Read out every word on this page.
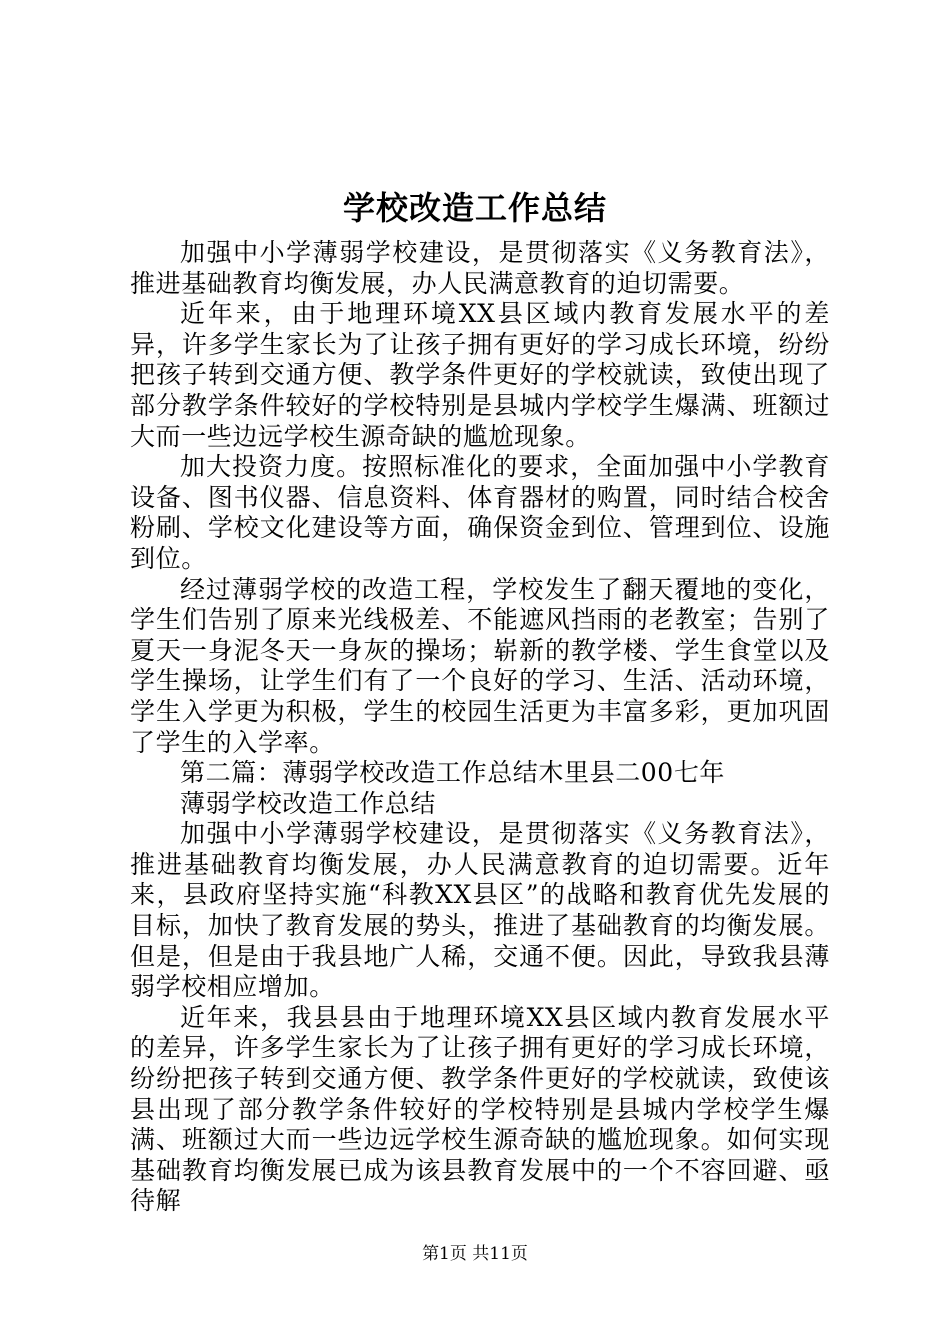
学校改造工作总结

加强中小学薄弱学校建设，是贯彻落实《义务教育法》，推进基础教育均衡发展，办人民满意教育的迫切需要。

近年来，由于地理环境XX县区域内教育发展水平的差异，许多学生家长为了让孩子拥有更好的学习成长环境，纷纷把孩子转到交通方便、教学条件更好的学校就读，致使出现了部分教学条件较好的学校特别是县城内学校学生爆满、班额过大而一些边远学校生源奇缺的尴尬现象。

加大投资力度。按照标准化的要求，全面加强中小学教育设备、图书仪器、信息资料、体育器材的购置，同时结合校舍粉刷、学校文化建设等方面，确保资金到位、管理到位、设施到位。

经过薄弱学校的改造工程，学校发生了翻天覆地的变化，学生们告别了原来光线极差、不能遮风挡雨的老教室；告别了夏天一身泥冬天一身灰的操场；崭新的教学楼、学生食堂以及学生操场，让学生们有了一个良好的学习、生活、活动环境，学生入学更为积极，学生的校园生活更为丰富多彩，更加巩固了学生的入学率。

第二篇：薄弱学校改造工作总结木里县二00七年

薄弱学校改造工作总结

加强中小学薄弱学校建设，是贯彻落实《义务教育法》，推进基础教育均衡发展，办人民满意教育的迫切需要。近年来，县政府坚持实施“科教XX县区”的战略和教育优先发展的目标，加快了教育发展的势头，推进了基础教育的均衡发展。但是，但是由于我县地广人稀，交通不便。因此，导致我县薄弱学校相应增加。

近年来，我县县由于地理环境XX县区域内教育发展水平的差异，许多学生家长为了让孩子拥有更好的学习成长环境，纷纷把孩子转到交通方便、教学条件更好的学校就读，致使该县出现了部分教学条件较好的学校特别是县城内学校学生爆满、班额过大而一些边远学校生源奇缺的尴尬现象。如何实现基础教育均衡发展已成为该县教育发展中的一个不容回避、亟待解

第1页 共11页
